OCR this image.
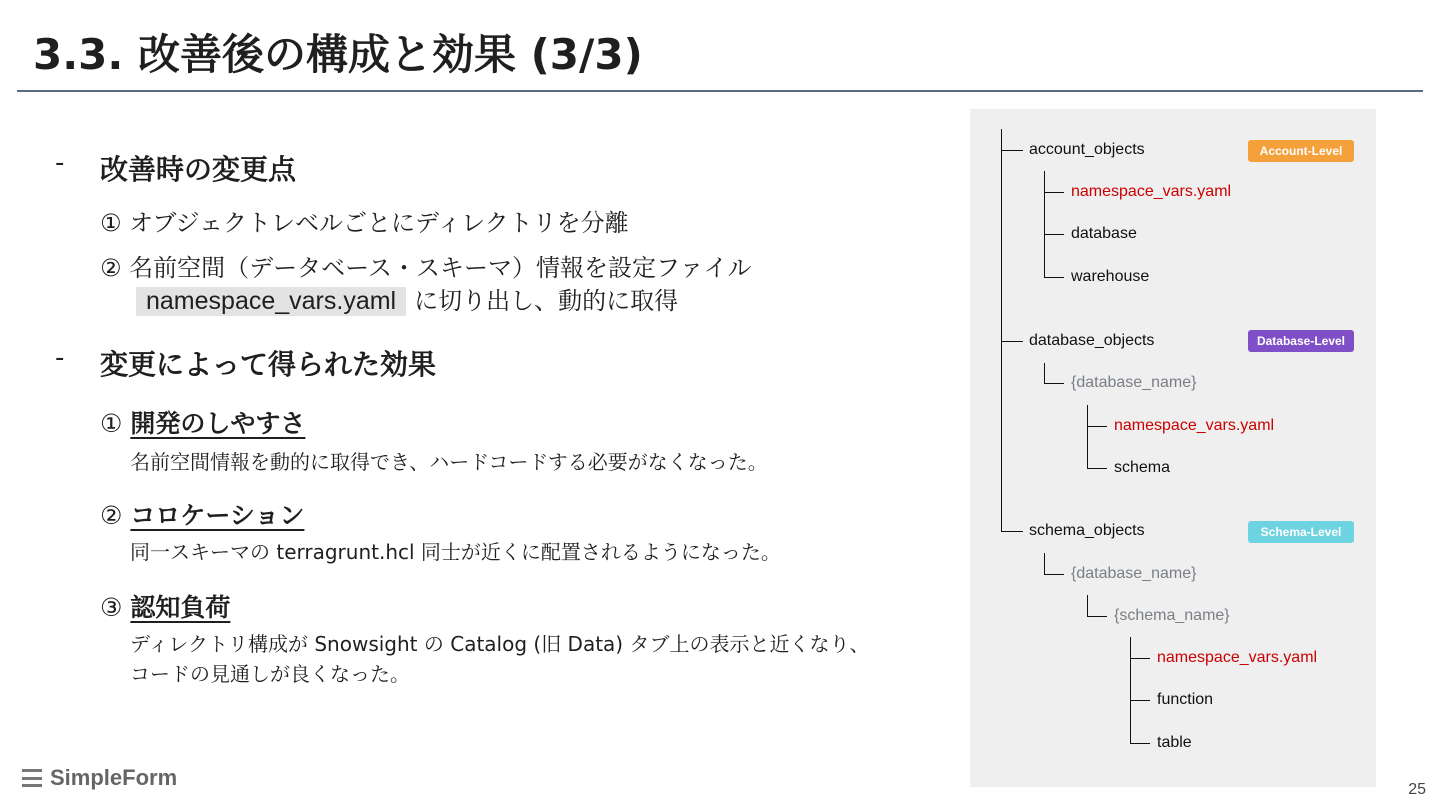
3.3. 改善後の構成と効果 (3/3)
- 改善時の変更点
① オブジェクトレベルごとにディレクトリを分離
② 名前空間（データベース・スキーマ）情報を設定ファイル
namespace_vars.yaml に切り出し、動的に取得
- 変更によって得られた効果
① 開発のしやすさ
名前空間情報を動的に取得でき、ハードコードする必要がなくなった。
② コロケーション
同一スキーマの terragrunt.hcl 同士が近くに配置されるようになった。
③ 認知負荷
ディレクトリ構成が Snowsight の Catalog (旧 Data) タブ上の表示と近くなり、
コードの見通しが良くなった。
account_objects
namespace_vars.yaml
database
warehouse
database_objects
{database_name}
namespace_vars.yaml
schema
schema_objects
{database_name}
{schema_name}
namespace_vars.yaml
function
table
Account-Level
Database-Level
Schema-Level
SimpleForm	25
